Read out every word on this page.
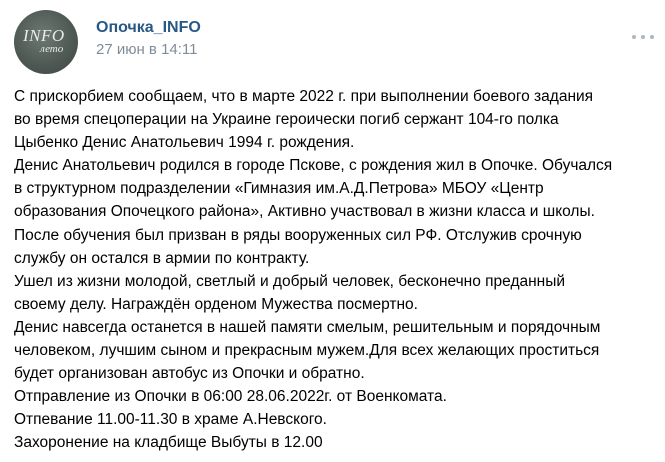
INFO
лето
Опочка_INFO
27 июн в 14:11
С прискорбием сообщаем, что в марте 2022 г. при выполнении боевого задания
во время спецоперации на Украине героически погиб сержант 104-го полка
Цыбенко Денис Анатольевич 1994 г. рождения.
Денис Анатольевич родился в городе Пскове, с рождения жил в Опочке. Обучался
в структурном подразделении «Гимназия им.А.Д.Петрова» МБОУ «Центр
образования Опочецкого района», Активно участвовал в жизни класса и школы.
После обучения был призван в ряды вооруженных сил РФ. Отслужив срочную
службу он остался в армии по контракту.
Ушел из жизни молодой, светлый и добрый человек, бесконечно преданный
своему делу. Награждён орденом Мужества посмертно.
Денис навсегда останется в нашей памяти смелым, решительным и порядочным
человеком, лучшим сыном и прекрасным мужем.Для всех желающих проститься
будет организован автобус из Опочки и обратно.
Отправление из Опочки в 06:00 28.06.2022г. от Военкомата.
Отпевание 11.00-11.30 в храме А.Невского.
Захоронение на кладбище Выбуты в 12.00
